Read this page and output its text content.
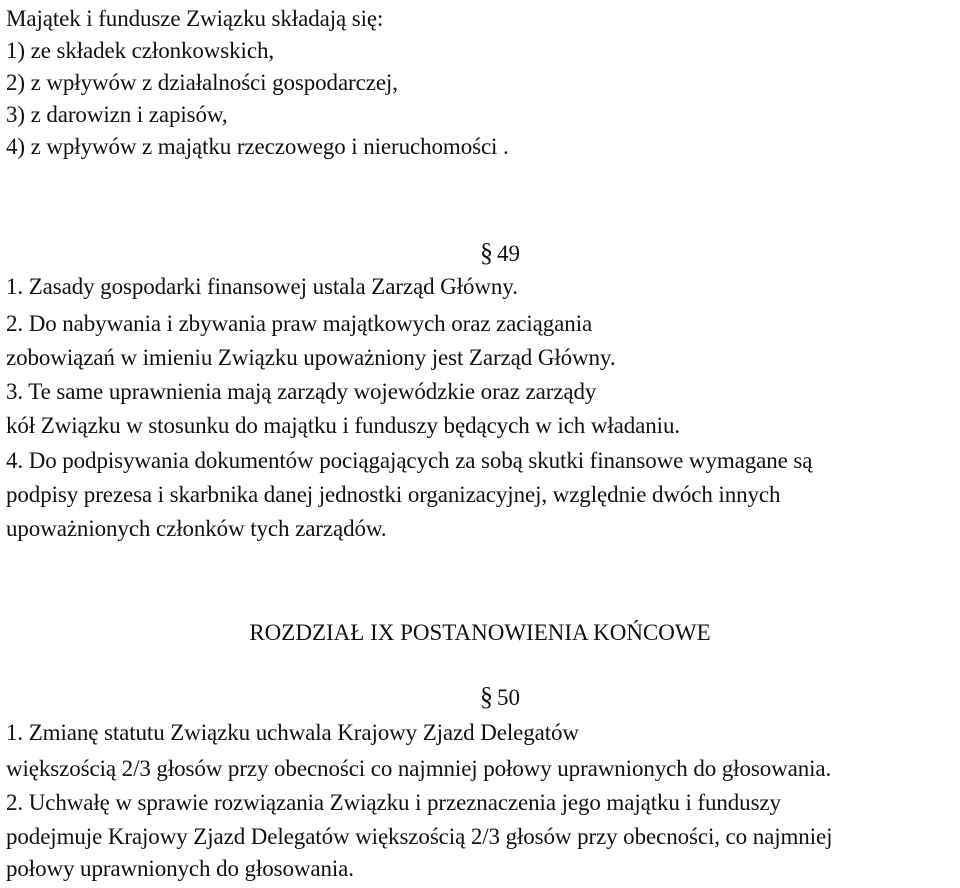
Majątek i fundusze Związku składają się:
1) ze składek członkowskich,
2) z wpływów z działalności gospodarczej,
3) z darowizn i zapisów,
4) z wpływów z majątku rzeczowego i nieruchomości .
§ 49
1. Zasady gospodarki finansowej ustala Zarząd Główny.
2. Do nabywania i zbywania praw majątkowych oraz zaciągania
zobowiązań w imieniu Związku upoważniony jest Zarząd Główny.
3. Te same uprawnienia mają zarządy wojewódzkie oraz zarządy
kół Związku w stosunku do majątku i funduszy będących w ich władaniu.
4. Do podpisywania dokumentów pociągających za sobą skutki finansowe wymagane są
podpisy prezesa i skarbnika danej jednostki organizacyjnej, względnie dwóch innych
upoważnionych członków tych zarządów.
ROZDZIAŁ IX POSTANOWIENIA KOŃCOWE
§ 50
1. Zmianę statutu Związku uchwala Krajowy Zjazd Delegatów
większością 2/3 głosów przy obecności co najmniej połowy uprawnionych do głosowania.
2. Uchwałę w sprawie rozwiązania Związku i przeznaczenia jego majątku i funduszy
podejmuje Krajowy Zjazd Delegatów większością 2/3 głosów przy obecności, co najmniej
połowy uprawnionych do głosowania.
